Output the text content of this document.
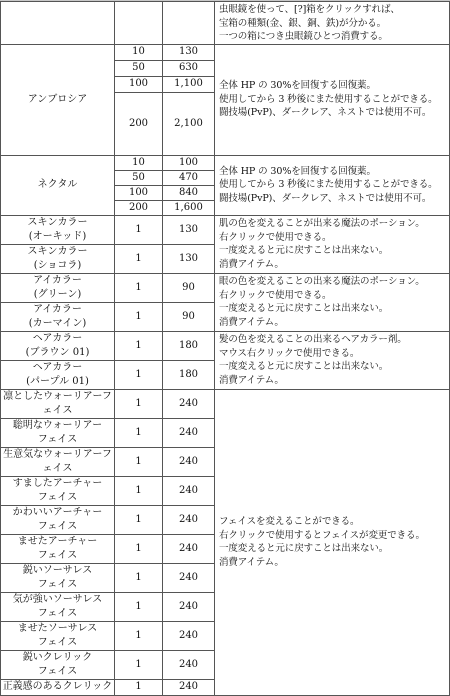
			虫眼鏡を使って、[?]箱をクリックすれば、
宝箱の種類(金、銀、銅、鉄)が分かる。
一つの箱につき虫眼鏡ひとつ消費する。

アンブロシア	10	130	全体 HP の 30%を回復する回復薬。
使用してから 3 秒後にまた使用することができる。
闘技場(PvP)、ダークレア、ネストでは使用不可。

	50	630	
	100	1,100	
	200	2,100	
ネクタル	10	100	全体 HP の 30%を回復する回復薬。
使用してから 3 秒後にまた使用することができる。
闘技場(PvP)、ダークレア、ネストでは使用不可。

	50	470	
	100	840	
	200	1,600	

スキンカラー
(オーキッド)	1	130	肌の色を変えることが出来る魔法のポーション。
右クリックで使用できる。
一度変えると元に戻すことは出来ない。
消費アイテム。

スキンカラー
(ショコラ)	1	130	

アイカラー
(グリーン)	1	90	眼の色を変えることの出来る魔法のポーション。
右クリックで使用できる。
一度変えると元に戻すことは出来ない。
消費アイテム。

アイカラー
(カーマイン)	1	90	

ヘアカラー
(ブラウン 01)	1	180	髪の色を変えることの出来るヘアカラー剤。
マウス右クリックで使用できる。
一度変えると元に戻すことは出来ない。
消費アイテム。

ヘアカラー
(パープル 01)	1	180	

凛としたウォーリアーフ
ェイス	1	240	フェイスを変えることができる。
右クリックで使用するとフェイスが変更できる。
一度変えると元に戻すことは出来ない。
消費アイテム。

聡明なウォーリアー
フェイス	1	240	

生意気なウォーリアーフ
ェイス	1	240	

すましたアーチャー
フェイス	1	240	

かわいいアーチャー
フェイス	1	240	

ませたアーチャー
フェイス	1	240	

鋭いソーサレス
フェイス	1	240	

気が強いソーサレス
フェイス	1	240	

ませたソーサレス
フェイス	1	240	

鋭いクレリック
フェイス	1	240	

正義感のあるクレリック	1	240	
